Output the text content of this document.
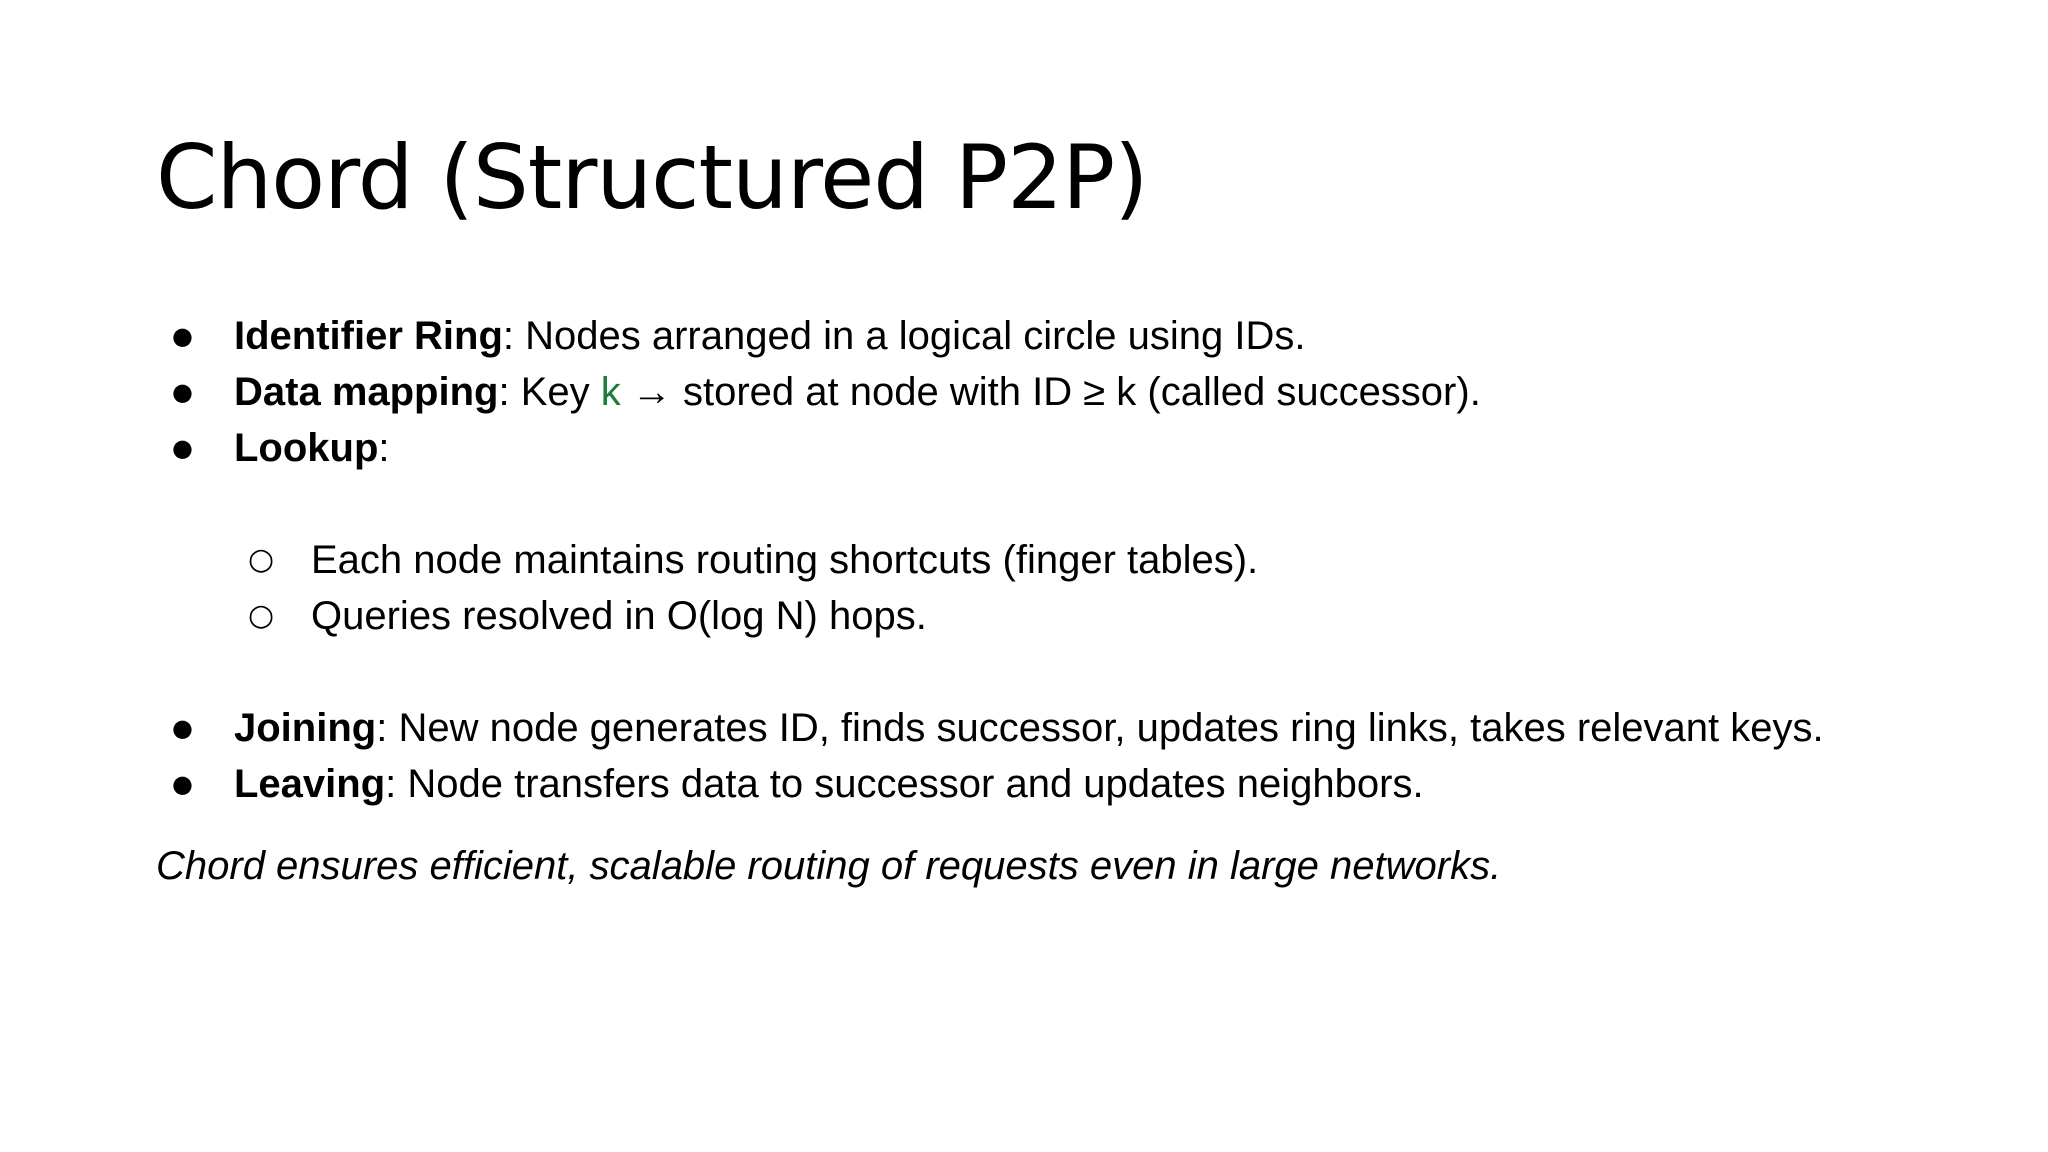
Chord (Structured P2P)
● Identifier Ring: Nodes arranged in a logical circle using IDs.
● Data mapping: Key k → stored at node with ID ≥ k (called successor).
● Lookup:
○ Each node maintains routing shortcuts (finger tables).
○ Queries resolved in O(log N) hops.
● Joining: New node generates ID, finds successor, updates ring links, takes relevant keys.
● Leaving: Node transfers data to successor and updates neighbors.
Chord ensures efficient, scalable routing of requests even in large networks.
